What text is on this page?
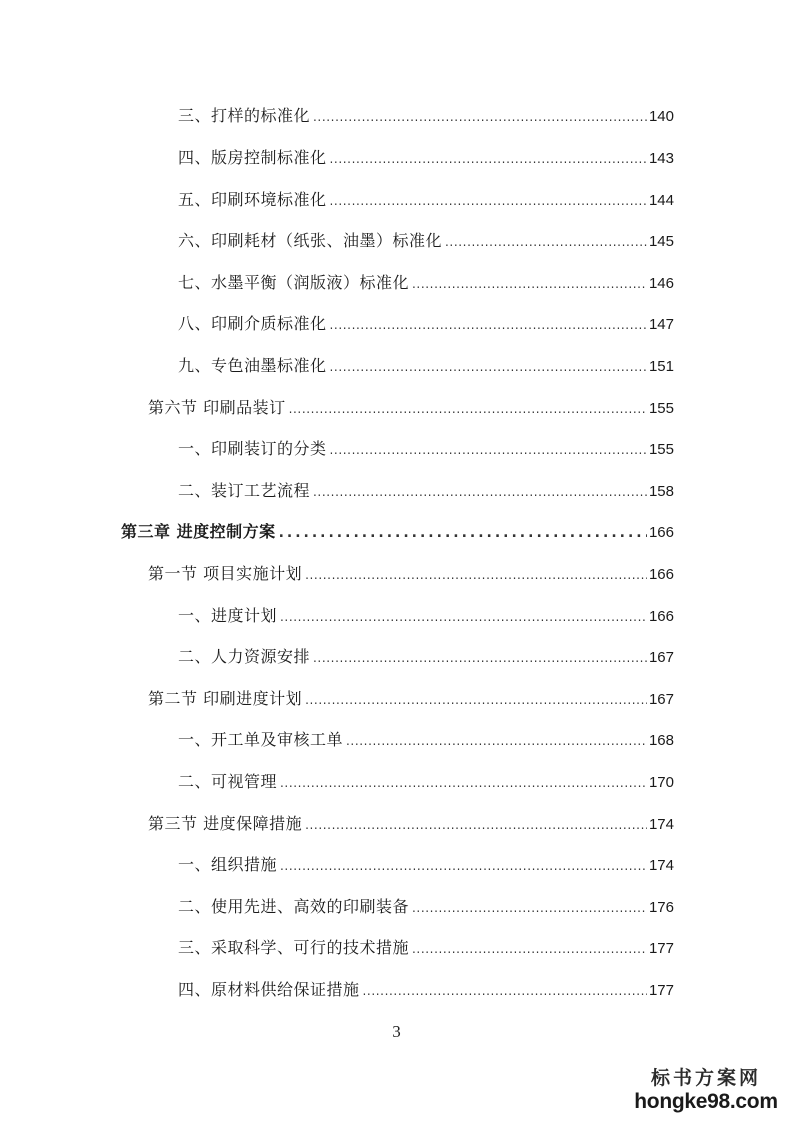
三、打样的标准化 .....	140
四、版房控制标准化 .....	143
五、印刷环境标准化 .....	144
六、印刷耗材（纸张、油墨）标准化 .....	145
七、水墨平衡（润版液）标准化 .....	146
八、印刷介质标准化 .....	147
九、专色油墨标准化 .....	151
第六节 印刷品装订 .....	155
一、印刷装订的分类 .....	155
二、装订工艺流程 .....	158
第三章 进度控制方案 .....	166
第一节 项目实施计划 .....	166
一、进度计划 .....	166
二、人力资源安排 .....	167
第二节 印刷进度计划 .....	167
一、开工单及审核工单 .....	168
二、可视管理 .....	170
第三节 进度保障措施 .....	174
一、组织措施 .....	174
二、使用先进、高效的印刷装备 .....	176
三、采取科学、可行的技术措施 .....	177
四、原材料供给保证措施 .....	177
3
标书方案网
hongke98.com
